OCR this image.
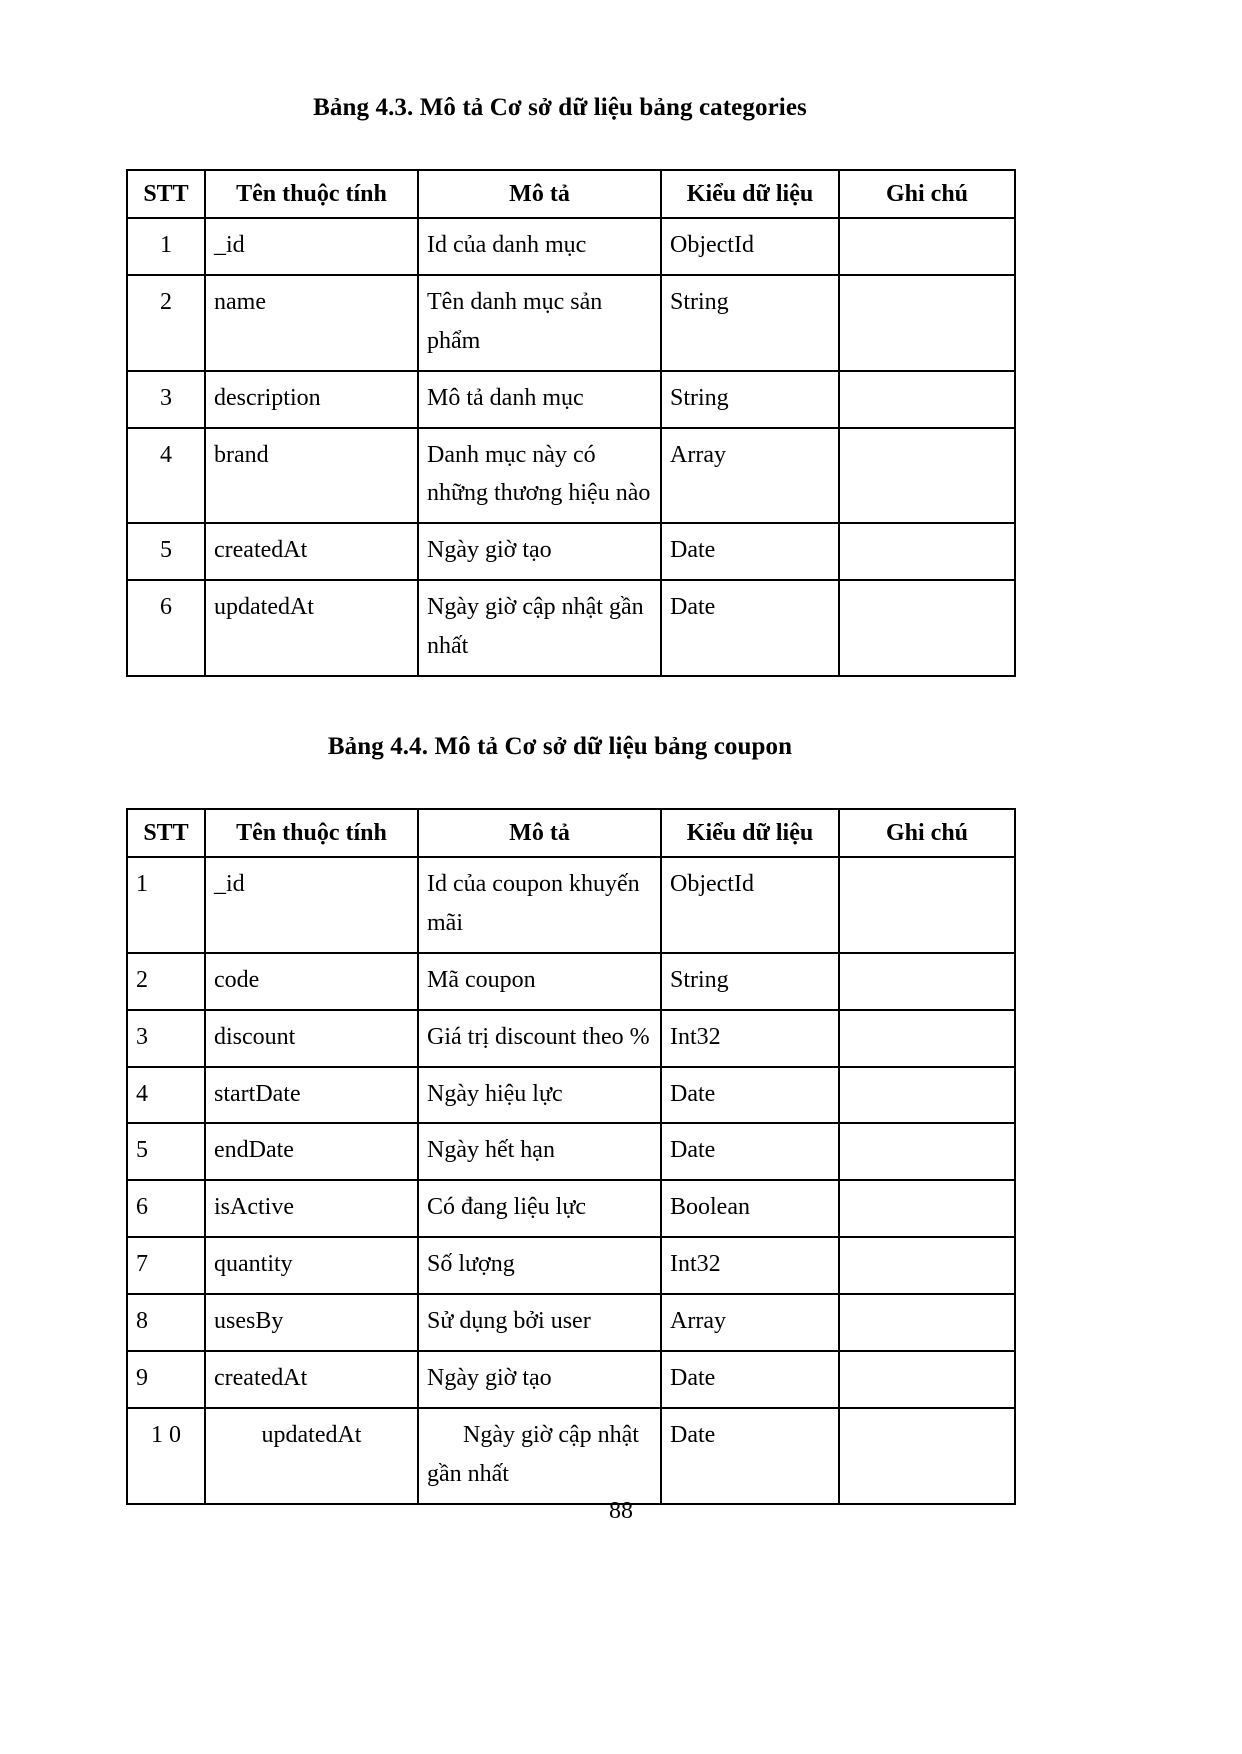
Bảng 4.3. Mô tả Cơ sở dữ liệu bảng categories
STT	Tên thuộc tính	Mô tả	Kiểu dữ liệu	Ghi chú

1	_id	Id của danh mục	ObjectId	

2	name	Tên danh mục sản phẩm	String	

3	description	Mô tả danh mục	String	

4	brand	Danh mục này có những thương hiệu nào	Array	

5	createdAt	Ngày giờ tạo	Date	

6	updatedAt	Ngày giờ cập nhật gần nhất	Date	

Bảng 4.4. Mô tả Cơ sở dữ liệu bảng coupon
STT	Tên thuộc tính	Mô tả	Kiểu dữ liệu	Ghi chú

1	_id	Id của coupon khuyến mãi	ObjectId	

2	code	Mã coupon	String	

3	discount	Giá trị discount theo %	Int32	

4	startDate	Ngày hiệu lực	Date	

5	endDate	Ngày hết hạn	Date	

6	isActive	Có đang liệu lực	Boolean	

7	quantity	Số lượng	Int32	

8	usesBy	Sử dụng bởi user	Array	

9	createdAt	Ngày giờ tạo	Date	

1 0	updatedAt	Ngày giờ cập nhật gần nhất	Date	

88
